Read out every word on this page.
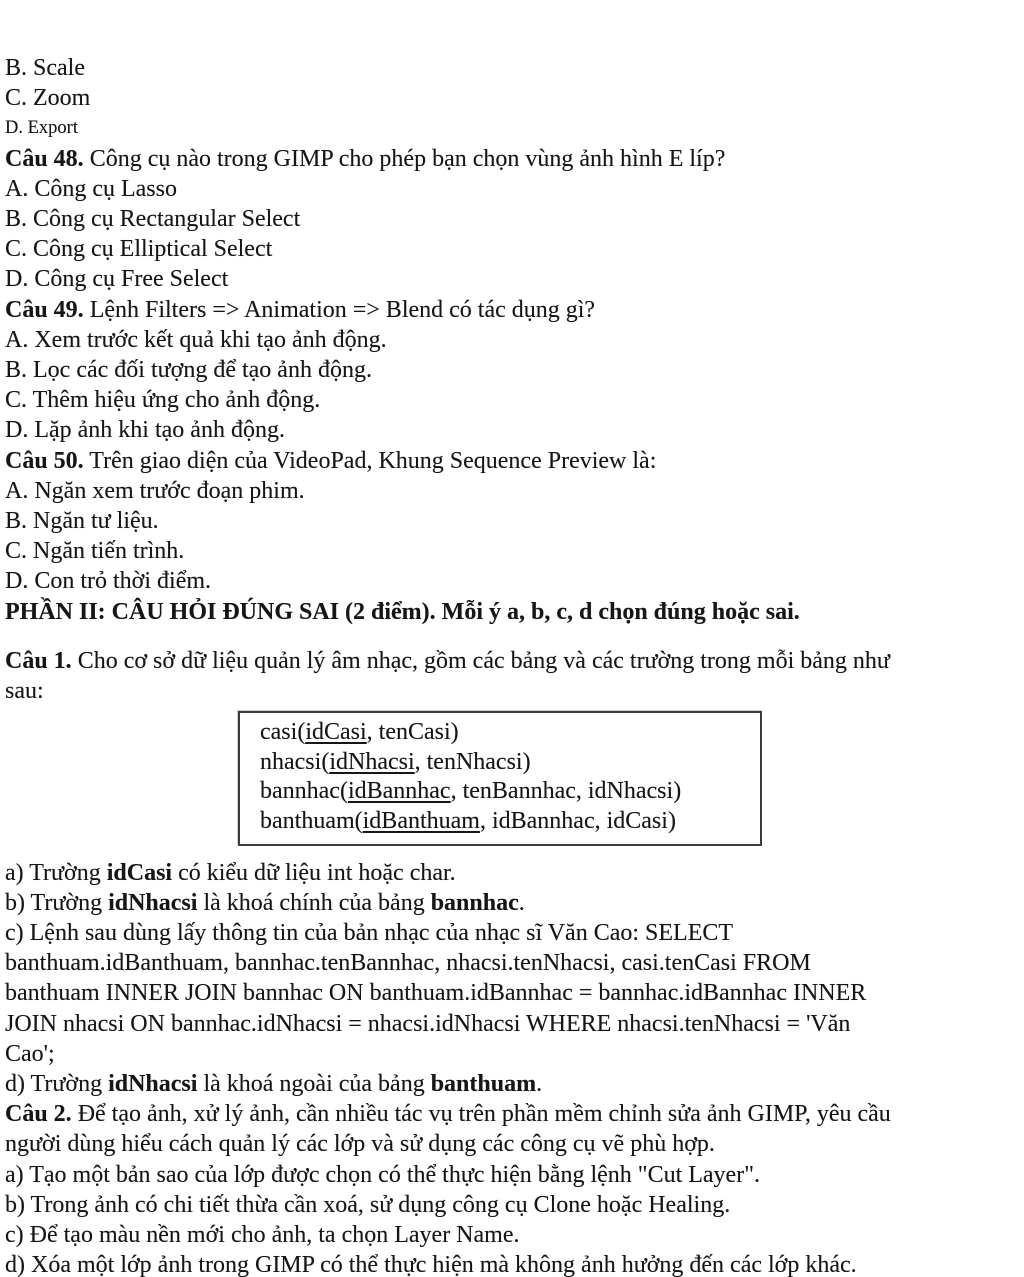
B. Scale
C. Zoom
D. Export
Câu 48. Công cụ nào trong GIMP cho phép bạn chọn vùng ảnh hình E líp?
A. Công cụ Lasso
B. Công cụ Rectangular Select
C. Công cụ Elliptical Select
D. Công cụ Free Select
Câu 49. Lệnh Filters => Animation => Blend có tác dụng gì?
A. Xem trước kết quả khi tạo ảnh động.
B. Lọc các đối tượng để tạo ảnh động.
C. Thêm hiệu ứng cho ảnh động.
D. Lặp ảnh khi tạo ảnh động.
Câu 50. Trên giao diện của VideoPad, Khung Sequence Preview là:
A. Ngăn xem trước đoạn phim.
B. Ngăn tư liệu.
C. Ngăn tiến trình.
D. Con trỏ thời điểm.
PHẦN II: CÂU HỎI ĐÚNG SAI (2 điểm). Mỗi ý a, b, c, d chọn đúng hoặc sai.
Câu 1. Cho cơ sở dữ liệu quản lý âm nhạc, gồm các bảng và các trường trong mỗi bảng như
sau:
casi(idCasi, tenCasi)
nhacsi(idNhacsi, tenNhacsi)
bannhac(idBannhac, tenBannhac, idNhacsi)
banthuam(idBanthuam, idBannhac, idCasi)
a) Trường idCasi có kiểu dữ liệu int hoặc char.
b) Trường idNhacsi là khoá chính của bảng bannhac.
c) Lệnh sau dùng lấy thông tin của bản nhạc của nhạc sĩ Văn Cao: SELECT
banthuam.idBanthuam, bannhac.tenBannhac, nhacsi.tenNhacsi, casi.tenCasi FROM
banthuam INNER JOIN bannhac ON banthuam.idBannhac = bannhac.idBannhac INNER
JOIN nhacsi ON bannhac.idNhacsi = nhacsi.idNhacsi WHERE nhacsi.tenNhacsi = 'Văn
Cao';
d) Trường idNhacsi là khoá ngoài của bảng banthuam.
Câu 2. Để tạo ảnh, xử lý ảnh, cần nhiều tác vụ trên phần mềm chỉnh sửa ảnh GIMP, yêu cầu
người dùng hiểu cách quản lý các lớp và sử dụng các công cụ vẽ phù hợp.
a) Tạo một bản sao của lớp được chọn có thể thực hiện bằng lệnh "Cut Layer".
b) Trong ảnh có chi tiết thừa cần xoá, sử dụng công cụ Clone hoặc Healing.
c) Để tạo màu nền mới cho ảnh, ta chọn Layer Name.
d) Xóa một lớp ảnh trong GIMP có thể thực hiện mà không ảnh hưởng đến các lớp khác.
